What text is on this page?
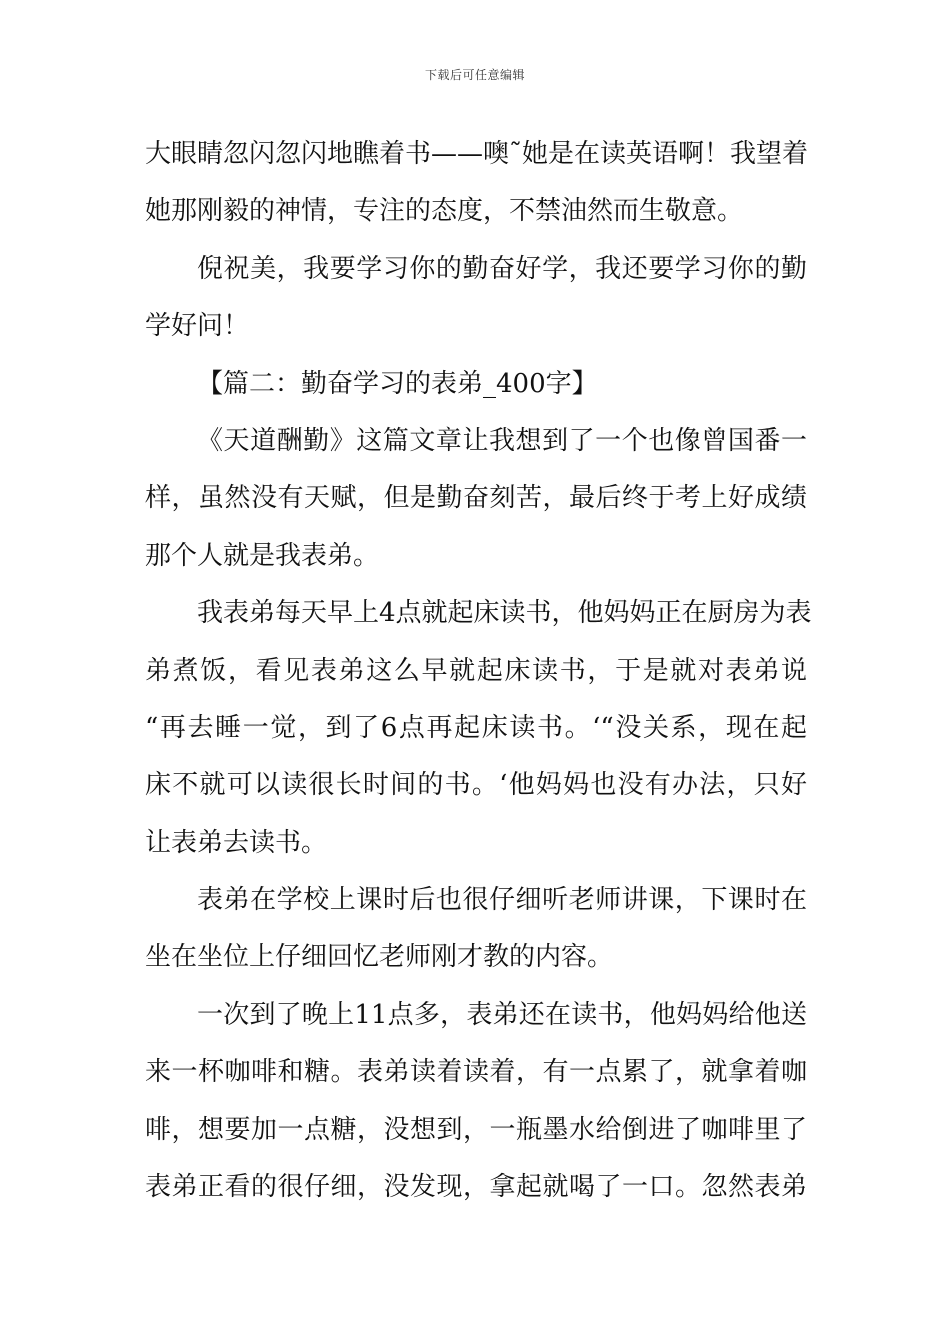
下载后可任意编辑
大眼睛忽闪忽闪地瞧着书——噢˜她是在读英语啊！我望着
她那刚毅的神情，专注的态度，不禁油然而生敬意。
倪祝美，我要学习你的勤奋好学，我还要学习你的勤
学好问！
【篇二：勤奋学习的表弟_400字】
《天道酬勤》这篇文章让我想到了一个也像曾国番一
样，虽然没有天赋，但是勤奋刻苦，最后终于考上好成绩
那个人就是我表弟。
我表弟每天早上4点就起床读书，他妈妈正在厨房为表
弟煮饭，看见表弟这么早就起床读书，于是就对表弟说
“再去睡一觉，到了6点再起床读书。‘“没关系，现在起
床不就可以读很长时间的书。‘他妈妈也没有办法，只好
让表弟去读书。
表弟在学校上课时后也很仔细听老师讲课，下课时在
坐在坐位上仔细回忆老师刚才教的内容。
一次到了晚上11点多，表弟还在读书，他妈妈给他送
来一杯咖啡和糖。表弟读着读着，有一点累了，就拿着咖
啡，想要加一点糖，没想到，一瓶墨水给倒进了咖啡里了
表弟正看的很仔细，没发现，拿起就喝了一口。忽然表弟
